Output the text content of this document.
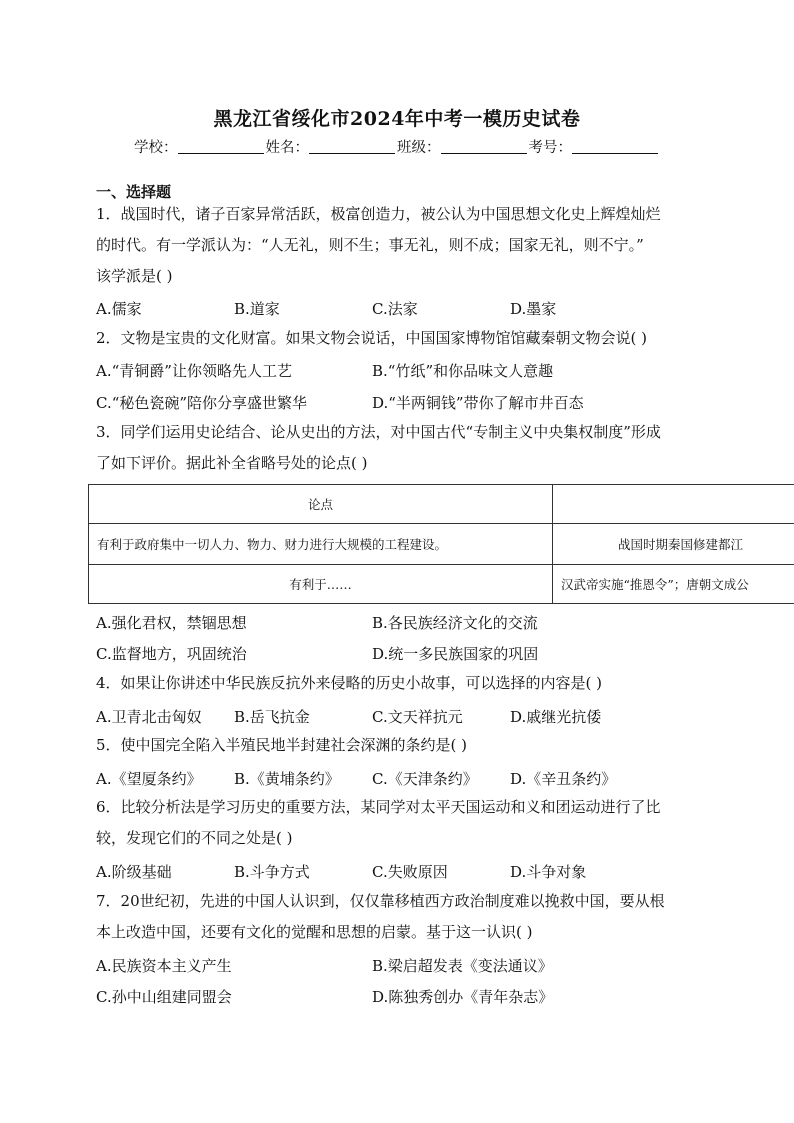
黑龙江省绥化市2024年中考一模历史试卷
学校：	姓名：	班级：	考号：
一、选择题
1．战国时代，诸子百家异常活跃，极富创造力，被公认为中国思想文化史上辉煌灿烂
的时代。有一学派认为：“人无礼，则不生；事无礼，则不成；国家无礼，则不宁。”
该学派是( )
A.儒家	B.道家	C.法家	D.墨家
2．文物是宝贵的文化财富。如果文物会说话，中国国家博物馆馆藏秦朝文物会说( )
A.“青铜爵”让你领略先人工艺	B.“竹纸”和你品味文人意趣
C.“秘色瓷碗”陪你分享盛世繁华	D.“半两铜钱”带你了解市井百态
3．同学们运用史论结合、论从史出的方法，对中国古代“专制主义中央集权制度”形成
了如下评价。据此补全省略号处的论点( )
论点	
有利于政府集中一切人力、物力、财力进行大规模的工程建设。	战国时期秦国修建都江
有利于……	汉武帝实施“推恩令”；唐朝文成公
A.强化君权，禁锢思想	B.各民族经济文化的交流
C.监督地方，巩固统治	D.统一多民族国家的巩固
4．如果让你讲述中华民族反抗外来侵略的历史小故事，可以选择的内容是( )
A.卫青北击匈奴 B.岳飞抗金	C.文天祥抗元	D.戚继光抗倭
5．使中国完全陷入半殖民地半封建社会深渊的条约是( )
A.《望厦条约》 B.《黄埔条约》 C.《天津条约》 D.《辛丑条约》
6．比较分析法是学习历史的重要方法，某同学对太平天国运动和义和团运动进行了比
较，发现它们的不同之处是( )
A.阶级基础	B.斗争方式	C.失败原因	D.斗争对象
7．20世纪初，先进的中国人认识到，仅仅靠移植西方政治制度难以挽救中国，要从根
本上改造中国，还要有文化的觉醒和思想的启蒙。基于这一认识( )
A.民族资本主义产生	B.梁启超发表《变法通议》
C.孙中山组建同盟会	D.陈独秀创办《青年杂志》
